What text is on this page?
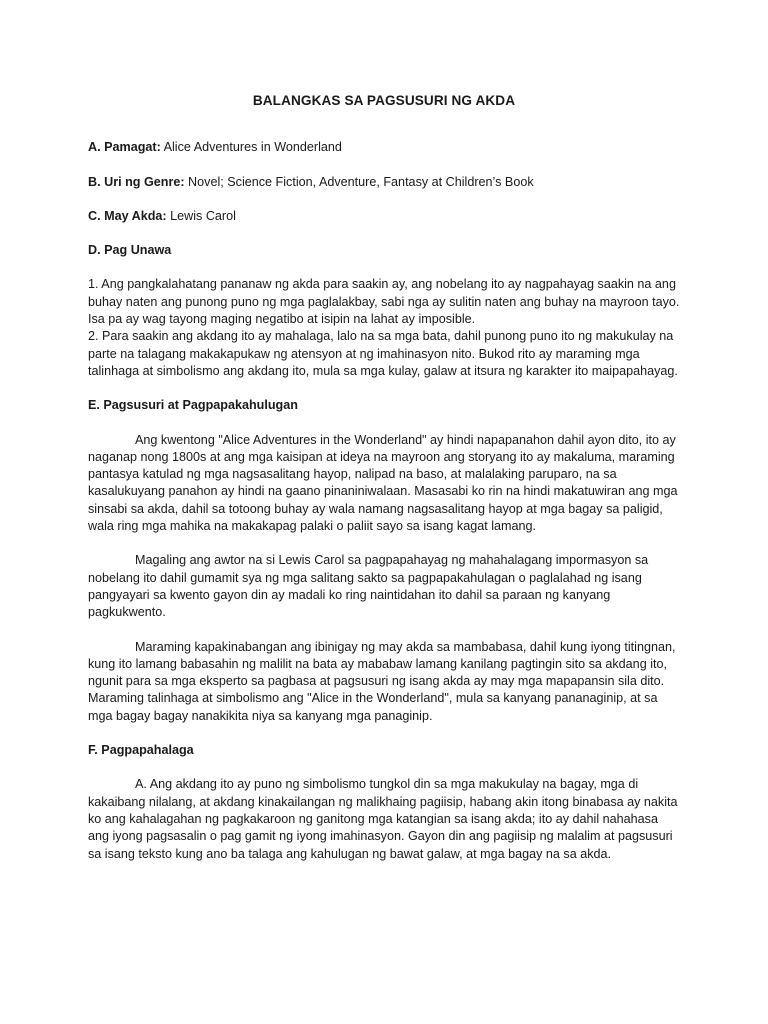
BALANGKAS SA PAGSUSURI NG AKDA
A. Pamagat: Alice Adventures in Wonderland
B. Uri ng Genre: Novel; Science Fiction, Adventure, Fantasy at Children’s Book
C. May Akda: Lewis Carol
D. Pag Unawa

1. Ang pangkalahatang pananaw ng akda para saakin ay, ang nobelang ito ay nagpahayag saakin na ang buhay naten ang punong puno ng mga paglalakbay, sabi nga ay sulitin naten ang buhay na mayroon tayo. Isa pa ay wag tayong maging negatibo at isipin na lahat ay imposible.

2. Para saakin ang akdang ito ay mahalaga, lalo na sa mga bata, dahil punong puno ito ng makukulay na parte na talagang makakapukaw ng atensyon at ng imahinasyon nito. Bukod rito ay maraming mga talinhaga at simbolismo ang akdang ito, mula sa mga kulay, galaw at itsura ng karakter ito maipapahayag.

E. Pagsusuri at Pagpapakahulugan

Ang kwentong "Alice Adventures in the Wonderland" ay hindi napapanahon dahil ayon dito, ito ay naganap nong 1800s at ang mga kaisipan at ideya na mayroon ang storyang ito ay makaluma, maraming pantasya katulad ng mga nagsasalitang hayop, nalipad na baso, at malalaking paruparo, na sa kasalukuyang panahon ay hindi na gaano pinaniniwalaan. Masasabi ko rin na hindi makatuwiran ang mga sinsabi sa akda, dahil sa totoong buhay ay wala namang nagsasalitang hayop at mga bagay sa paligid, wala ring mga mahika na makakapag palaki o paliit sayo sa isang kagat lamang.

Magaling ang awtor na si Lewis Carol sa pagpapahayag ng mahahalagang impormasyon sa nobelang ito dahil gumamit sya ng mga salitang sakto sa pagpapakahulagan o paglalahad ng isang pangyayari sa kwento gayon din ay madali ko ring naintidahan ito dahil sa paraan ng kanyang pagkukwento.

Maraming kapakinabangan ang ibinigay ng may akda sa mambabasa, dahil kung iyong titingnan, kung ito lamang babasahin ng malilit na bata ay mababaw lamang kanilang pagtingin sito sa akdang ito, ngunit para sa mga eksperto sa pagbasa at pagsusuri ng isang akda ay may mga mapapansin sila dito. Maraming talinhaga at simbolismo ang "Alice in the Wonderland", mula sa kanyang pananaginip, at sa mga bagay bagay nanakikita niya sa kanyang mga panaginip.

F. Pagpapahalaga

A. Ang akdang ito ay puno ng simbolismo tungkol din sa mga makukulay na bagay, mga di kakaibang nilalang, at akdang kinakailangan ng malikhaing pagiisip, habang akin itong binabasa ay nakita ko ang kahalagahan ng pagkakaroon ng ganitong mga katangian sa isang akda; ito ay dahil nahahasa ang iyong pagsasalin o pag gamit ng iyong imahinasyon. Gayon din ang pagiisip ng malalim at pagsusuri sa isang teksto kung ano ba talaga ang kahulugan ng bawat galaw, at mga bagay na sa akda.
